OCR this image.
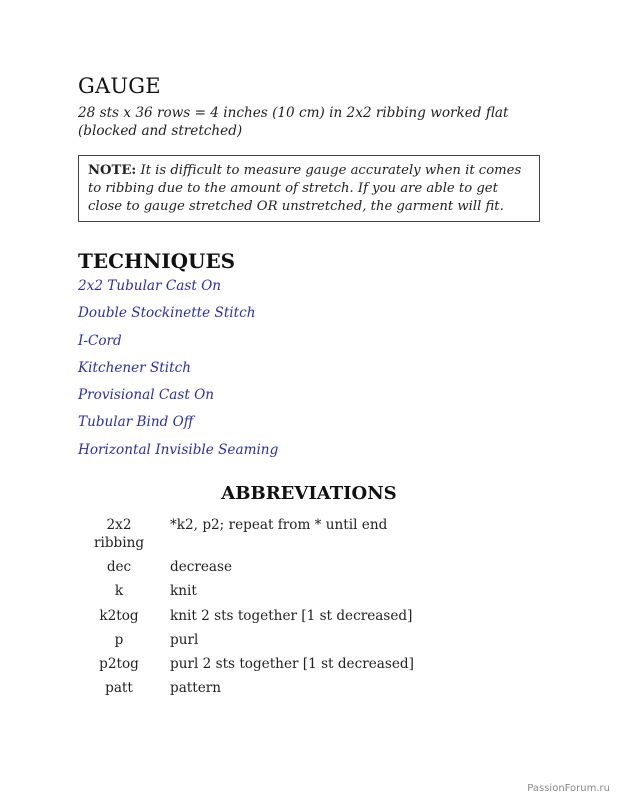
GAUGE

28 sts x 36 rows = 4 inches (10 cm) in 2x2 ribbing worked flat (blocked and stretched)

NOTE: It is difficult to measure gauge accurately when it comes to ribbing due to the amount of stretch. If you are able to get close to gauge stretched OR unstretched, the garment will fit.
TECHNIQUES
2x2 Tubular Cast On
Double Stockinette Stitch
I-Cord
Kitchener Stitch
Provisional Cast On
Tubular Bind Off
Horizontal Invisible Seaming
ABBREVIATIONS
2x2 ribbing	*k2, p2; repeat from * until end
dec	decrease
k	knit
k2tog	knit 2 sts together [1 st decreased]
p	purl
p2tog	purl 2 sts together [1 st decreased]
patt	pattern
PassionForum.ru
